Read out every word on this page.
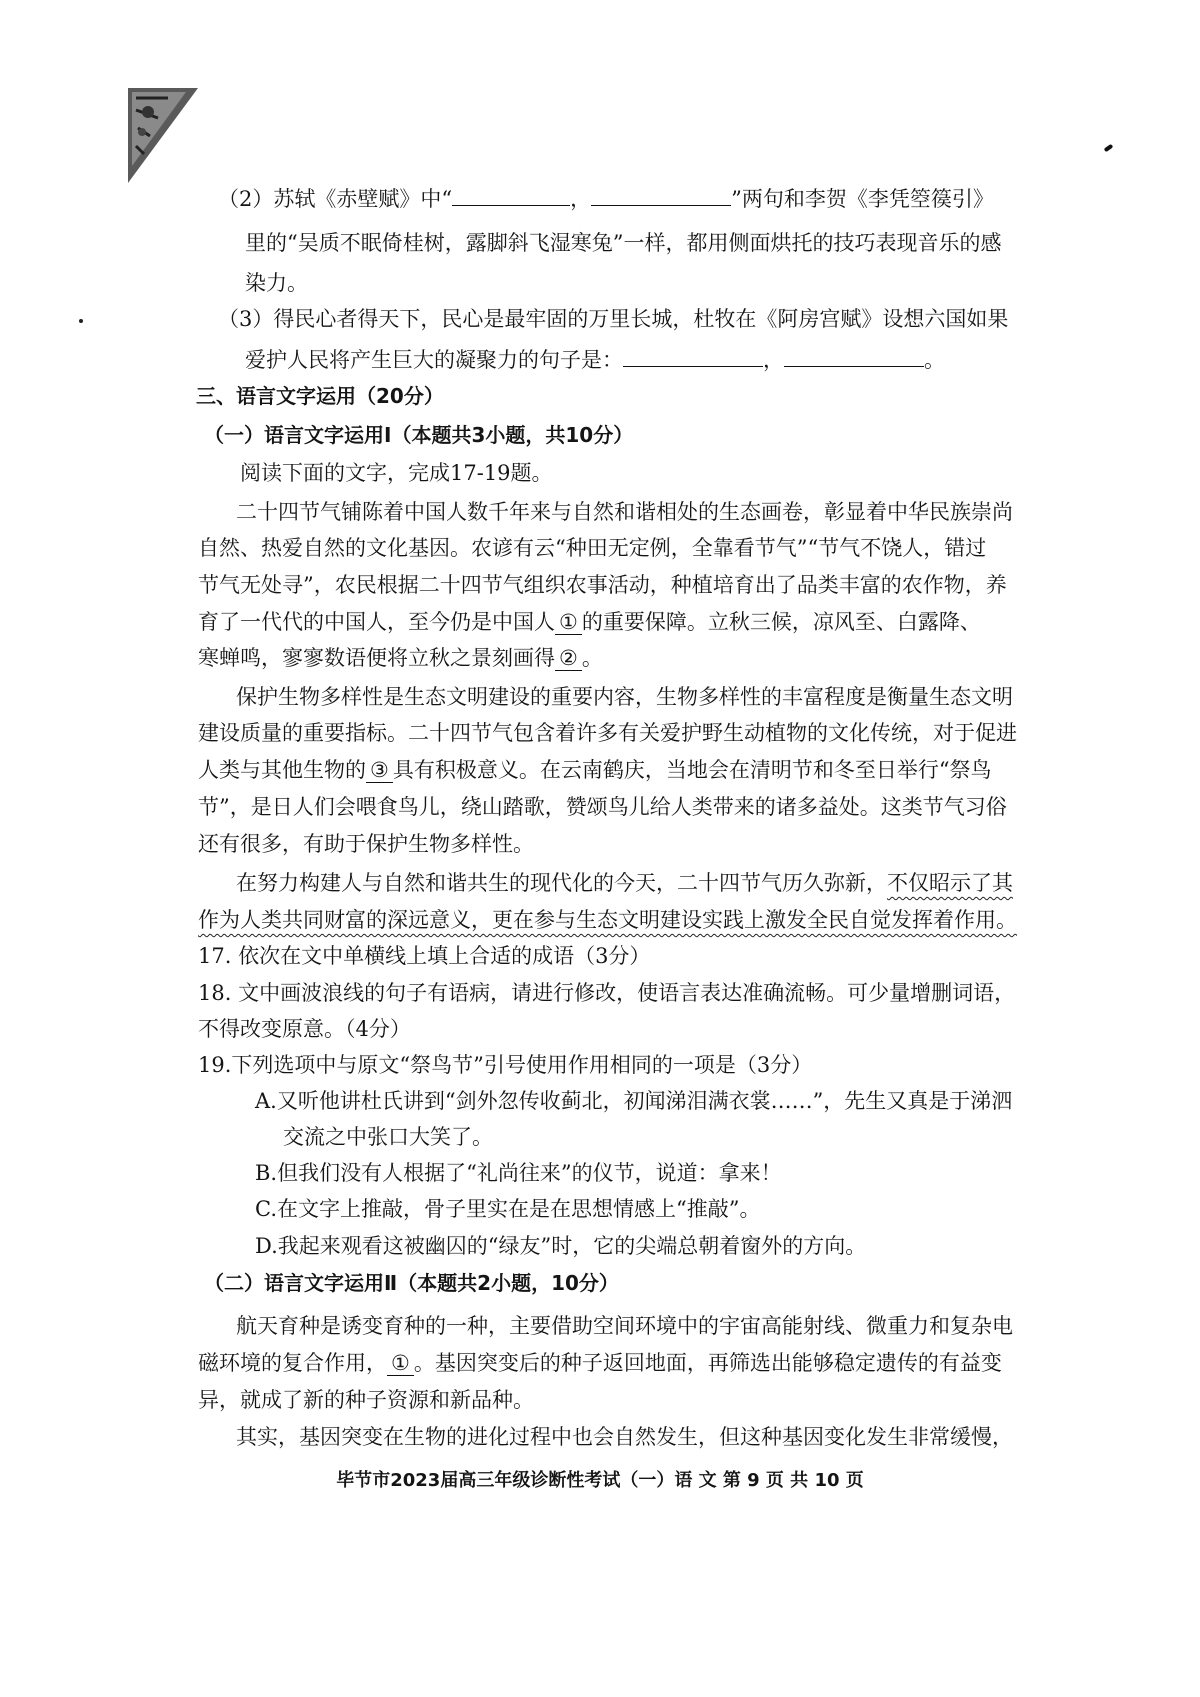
（2）苏轼《赤壁赋》中“	，	”两句和李贺《李凭箜篌引》
里的“吴质不眠倚桂树，露脚斜飞湿寒兔”一样，都用侧面烘托的技巧表现音乐的感
染力。
（3）得民心者得天下，民心是最牢固的万里长城，杜牧在《阿房宫赋》设想六国如果
爱护人民将产生巨大的凝聚力的句子是：	，	。
三、语言文字运用（20分）
（一）语言文字运用Ⅰ（本题共3小题，共10分）
阅读下面的文字，完成17-19题。
二十四节气铺陈着中国人数千年来与自然和谐相处的生态画卷，彰显着中华民族崇尚
自然、热爱自然的文化基因。农谚有云“种田无定例，全靠看节气”“节气不饶人，错过
节气无处寻”，农民根据二十四节气组织农事活动，种植培育出了品类丰富的农作物，养
育了一代代的中国人，至今仍是中国人 ① 的重要保障。立秋三候，凉风至、白露降、
寒蝉鸣，寥寥数语便将立秋之景刻画得 ② 。
保护生物多样性是生态文明建设的重要内容，生物多样性的丰富程度是衡量生态文明
建设质量的重要指标。二十四节气包含着许多有关爱护野生动植物的文化传统，对于促进
人类与其他生物的 ③ 具有积极意义。在云南鹤庆，当地会在清明节和冬至日举行“祭鸟
节”，是日人们会喂食鸟儿，绕山踏歌，赞颂鸟儿给人类带来的诸多益处。这类节气习俗
还有很多，有助于保护生物多样性。
在努力构建人与自然和谐共生的现代化的今天，二十四节气历久弥新，不仅昭示了其
作为人类共同财富的深远意义，更在参与生态文明建设实践上激发全民自觉发挥着作用。
17. 依次在文中单横线上填上合适的成语（3分）
18. 文中画波浪线的句子有语病，请进行修改，使语言表达准确流畅。可少量增删词语，
不得改变原意。（4分）
19.下列选项中与原文“祭鸟节”引号使用作用相同的一项是（3分）
A.又听他讲杜氏讲到“剑外忽传收蓟北，初闻涕泪满衣裳……”，先生又真是于涕泗
交流之中张口大笑了。
B.但我们没有人根据了“礼尚往来”的仪节，说道：拿来！
C.在文字上推敲，骨子里实在是在思想情感上“推敲”。
D.我起来观看这被幽囚的“绿友”时，它的尖端总朝着窗外的方向。
（二）语言文字运用Ⅱ（本题共2小题，10分）
航天育种是诱变育种的一种，主要借助空间环境中的宇宙高能射线、微重力和复杂电
磁环境的复合作用， ① 。基因突变后的种子返回地面，再筛选出能够稳定遗传的有益变
异，就成了新的种子资源和新品种。
其实，基因突变在生物的进化过程中也会自然发生，但这种基因变化发生非常缓慢，
毕节市2023届高三年级诊断性考试（一）语 文 第 9 页 共 10 页
